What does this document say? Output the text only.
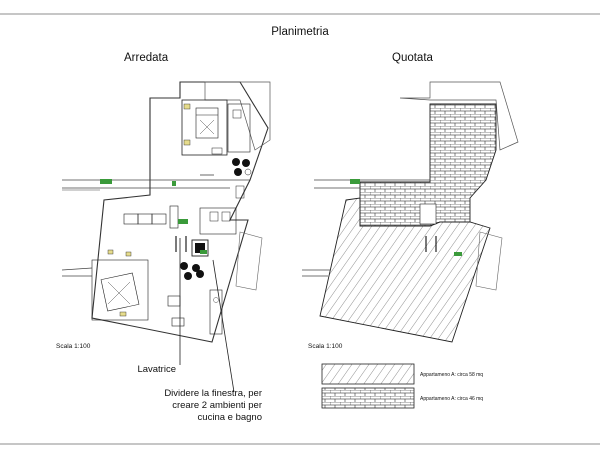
Planimetria
Arredata	Quotata
Scala 1:100	Scala 1:100
Lavatrice
Dividere la finestra, per
creare 2 ambienti per
cucina e bagno
Appartameno A: circa 58 mq
Appartameno A: circa 46 mq
